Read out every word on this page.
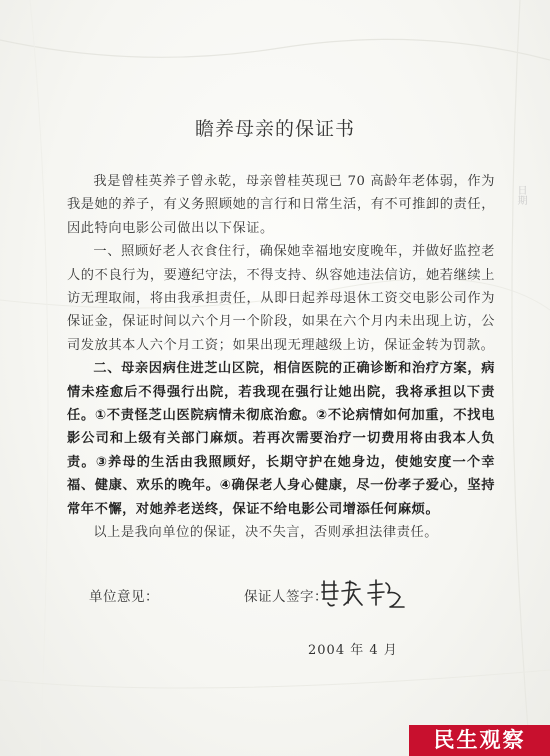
日期
瞻养母亲的保证书

我是曾桂英养子曾永乾，母亲曾桂英现已 70 高龄年老体弱，作为我是她的养子，有义务照顾她的言行和日常生活，有不可推卸的责任，因此特向电影公司做出以下保证。

一、照顾好老人衣食住行，确保她幸福地安度晚年，并做好监控老人的不良行为，要遵纪守法，不得支持、纵容她违法信访，她若继续上访无理取闹，将由我承担责任，从即日起养母退休工资交电影公司作为保证金，保证时间以六个月一个阶段，如果在六个月内未出现上访，公司发放其本人六个月工资；如果出现无理越级上访，保证金转为罚款。

二、母亲因病住进芝山区院，相信医院的正确诊断和治疗方案，病情未痊愈后不得强行出院，若我现在强行让她出院，我将承担以下责任。①不责怪芝山医院病情未彻底治愈。②不论病情如何加重，不找电影公司和上级有关部门麻烦。若再次需要治疗一切费用将由我本人负责。③养母的生活由我照顾好，长期守护在她身边，使她安度一个幸福、健康、欢乐的晚年。④确保老人身心健康，尽一份孝子爱心，坚持常年不懈，对她养老送终，保证不给电影公司增添任何麻烦。

以上是我向单位的保证，决不失言，否则承担法律责任。

单位意见：	保证人签字：
2004 年 4 月
民生观察
